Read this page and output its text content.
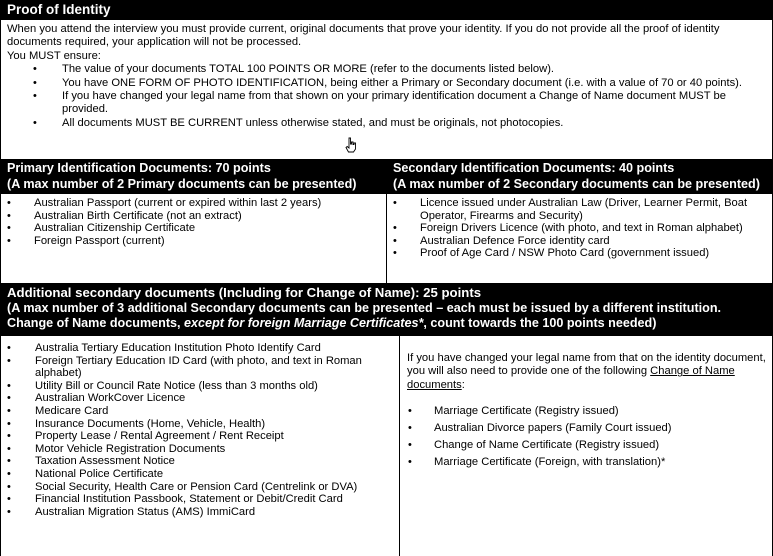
Proof of Identity

When you attend the interview you must provide current, original documents that prove your identity. If you do not provide all the proof of identity documents required, your application will not be processed.

You MUST ensure:

• The value of your documents TOTAL 100 POINTS OR MORE (refer to the documents listed below).
• You have ONE FORM OF PHOTO IDENTIFICATION, being either a Primary or Secondary document (i.e. with a value of 70 or 40 points).
• If you have changed your legal name from that shown on your primary identification document a Change of Name document MUST be provided.
• All documents MUST BE CURRENT unless otherwise stated, and must be originals, not photocopies.
Primary Identification Documents: 70 points
(A max number of 2 Primary documents can be presented)
• Australian Passport (current or expired within last 2 years)
• Australian Birth Certificate (not an extract)
• Australian Citizenship Certificate
• Foreign Passport (current)
Secondary Identification Documents: 40 points
(A max number of 2 Secondary documents can be presented)
• Licence issued under Australian Law (Driver, Learner Permit, Boat Operator, Firearms and Security)
• Foreign Drivers Licence (with photo, and text in Roman alphabet)
• Australian Defence Force identity card
• Proof of Age Card / NSW Photo Card (government issued)
Additional secondary documents (Including for Change of Name): 25 points
(A max number of 3 additional Secondary documents can be presented – each must be issued by a different institution. Change of Name documents, except for foreign Marriage Certificates*, count towards the 100 points needed)
• Australia Tertiary Education Institution Photo Identify Card
• Foreign Tertiary Education ID Card (with photo, and text in Roman alphabet)
• Utility Bill or Council Rate Notice (less than 3 months old)
• Australian WorkCover Licence
• Medicare Card
• Insurance Documents (Home, Vehicle, Health)
• Property Lease / Rental Agreement / Rent Receipt
• Motor Vehicle Registration Documents
• Taxation Assessment Notice
• National Police Certificate
• Social Security, Health Care or Pension Card (Centrelink or DVA)
• Financial Institution Passbook, Statement or Debit/Credit Card
• Australian Migration Status (AMS) ImmiCard

If you have changed your legal name from that on the identity document, you will also need to provide one of the following Change of Name documents:

• Marriage Certificate (Registry issued)
• Australian Divorce papers (Family Court issued)
• Change of Name Certificate (Registry issued)
• Marriage Certificate (Foreign, with translation)*
